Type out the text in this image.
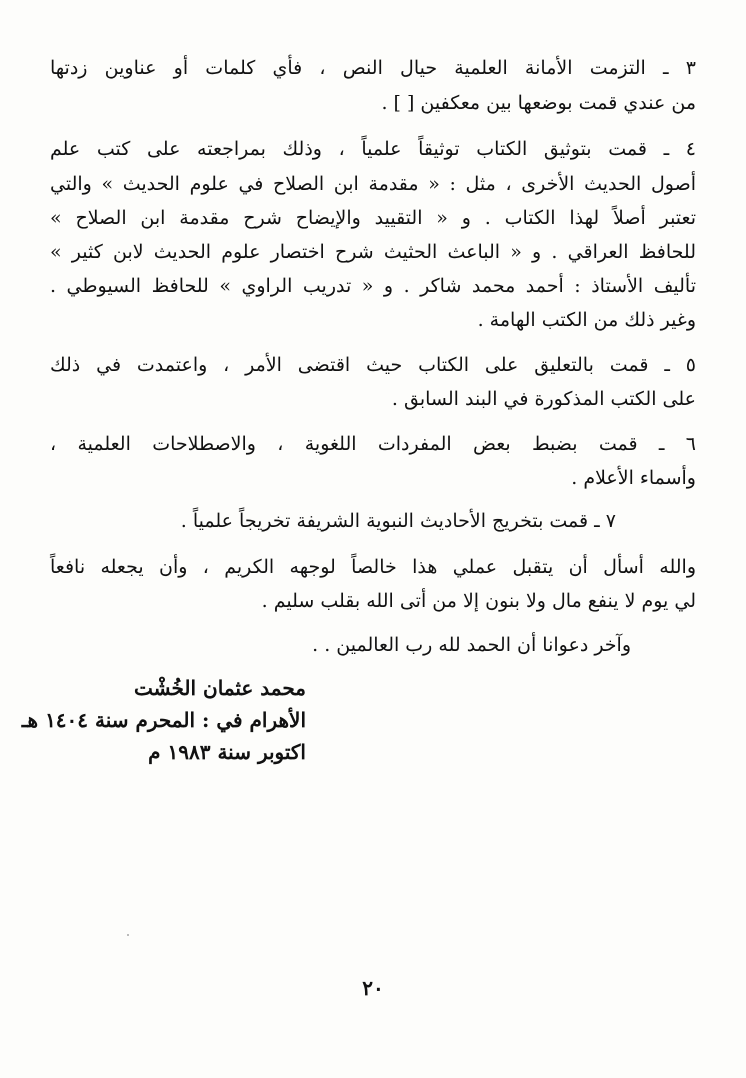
٣ ـ التزمت الأمانة العلمية حيال النص ، فأي كلمات أو عناوين زدتها
من عندي قمت بوضعها بين معكفين [ ] .
٤ ـ قمت بتوثيق الكتاب توثيقاً علمياً ، وذلك بمراجعته على كتب علم
أصول الحديث الأخرى ، مثل : « مقدمة ابن الصلاح في علوم الحديث » والتي
تعتبر أصلاً لهذا الكتاب . و « التقييد والإيضاح شرح مقدمة ابن الصلاح »
للحافظ العراقي . و « الباعث الحثيث شرح اختصار علوم الحديث لابن كثير »
تأليف الأستاذ : أحمد محمد شاكر . و « تدريب الراوي » للحافظ السيوطي .
وغير ذلك من الكتب الهامة .
٥ ـ قمت بالتعليق على الكتاب حيث اقتضى الأمر ، واعتمدت في ذلك
على الكتب المذكورة في البند السابق .
٦ ـ قمت بضبط بعض المفردات اللغوية ، والاصطلاحات العلمية ،
وأسماء الأعلام .
٧ ـ قمت بتخريج الأحاديث النبوية الشريفة تخريجاً علمياً .
والله أسأل أن يتقبل عملي هذا خالصاً لوجهه الكريم ، وأن يجعله نافعاً
لي يوم لا ينفع مال ولا بنون إلا من أتى الله بقلب سليم .
وآخر دعوانا أن الحمد لله رب العالمين . .
محمد عثمان الخُشْت
الأهرام في : المحرم سنة ١٤٠٤ هـ
اكتوبر سنة ١٩٨٣ م
٢٠
